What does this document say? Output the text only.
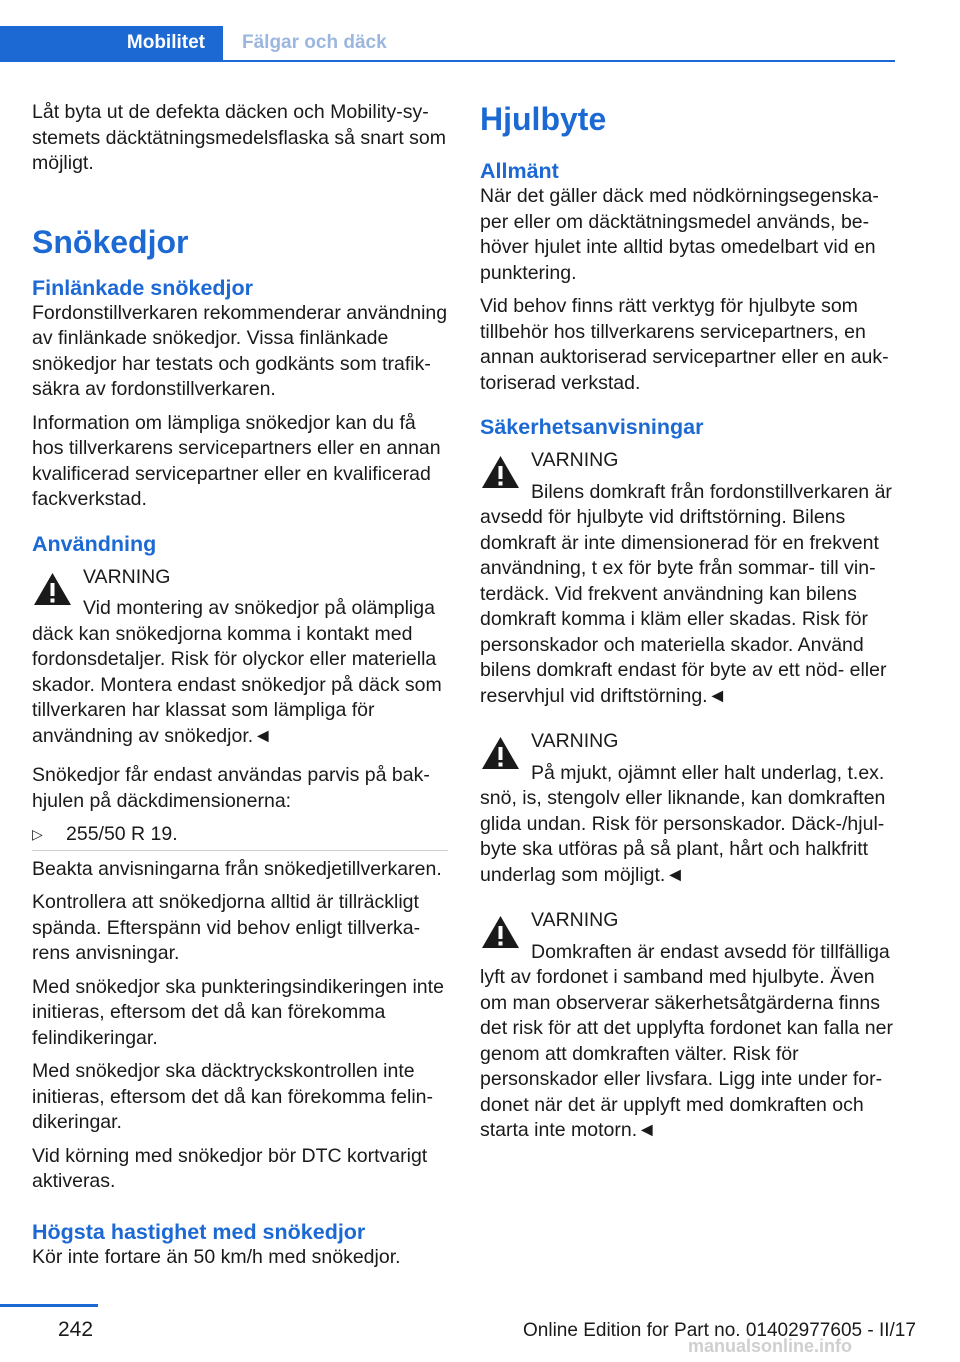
Mobilitet	Fälgar och däck

Låt byta ut de defekta däcken och Mobility-systemets däcktätningsmedelsflaska så snart som möjligt.

Snökedjor
Finlänkade snökedjor

Fordonstillverkaren rekommenderar användning av finlänkade snökedjor. Vissa finlänkade snökedjor har testats och godkänts som trafiksäkra av fordonstillverkaren.

Information om lämpliga snökedjor kan du få hos tillverkarens servicepartners eller en annan kvalificerad servicepartner eller en kvalificerad fackverkstad.

Användning
VARNING
Vid montering av snökedjor på olämpliga däck kan snökedjorna komma i kontakt med fordonsdetaljer. Risk för olyckor eller materiella skador. Montera endast snökedjor på däck som tillverkaren har klassat som lämpliga för användning av snökedjor.◄

Snökedjor får endast användas parvis på bakhjulen på däckdimensionerna:

▷ 255/50 R 19.

Beakta anvisningarna från snökedjetillverkaren.

Kontrollera att snökedjorna alltid är tillräckligt spända. Efterspänn vid behov enligt tillverkarens anvisningar.

Med snökedjor ska punkteringsindikeringen inte initieras, eftersom det då kan förekomma felindikeringar.

Med snökedjor ska däcktryckskontrollen inte initieras, eftersom det då kan förekomma felindikeringar.

Vid körning med snökedjor bör DTC kortvarigt aktiveras.

Högsta hastighet med snökedjor

Kör inte fortare än 50 km/h med snökedjor.

Hjulbyte
Allmänt

När det gäller däck med nödkörningsegenskaper eller om däcktätningsmedel används, behöver hjulet inte alltid bytas omedelbart vid en punktering.

Vid behov finns rätt verktyg för hjulbyte som tillbehör hos tillverkarens servicepartners, en annan auktoriserad servicepartner eller en auktoriserad verkstad.

Säkerhetsanvisningar
VARNING
Bilens domkraft från fordonstillverkaren är avsedd för hjulbyte vid driftstörning. Bilens domkraft är inte dimensionerad för en frekvent användning, t ex för byte från sommar- till vinterdäck. Vid frekvent användning kan bilens domkraft komma i kläm eller skadas. Risk för personskador och materiella skador. Använd bilens domkraft endast för byte av ett nöd- eller reservhjul vid driftstörning.◄
VARNING
På mjukt, ojämnt eller halt underlag, t.ex. snö, is, stengolv eller liknande, kan domkraften glida undan. Risk för personskador. Däck-/hjulbyte ska utföras på så plant, hårt och halkfritt underlag som möjligt.◄
VARNING
Domkraften är endast avsedd för tillfälliga lyft av fordonet i samband med hjulbyte. Även om man observerar säkerhetsåtgärderna finns det risk för att det upplyfta fordonet kan falla ner genom att domkraften välter. Risk för personskador eller livsfara. Ligg inte under fordonet när det är upplyft med domkraften och starta inte motorn.◄
242	Online Edition for Part no. 01402977605 - II/17
manualsonline.info
